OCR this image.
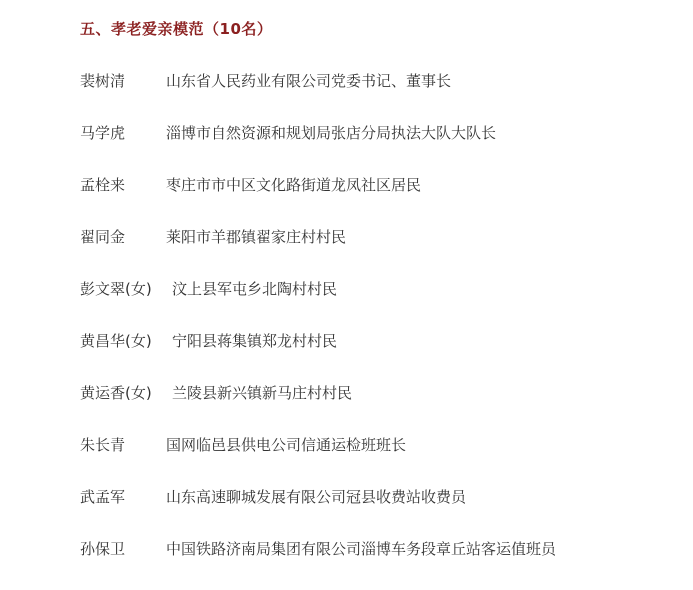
五、孝老爱亲模范（10名）
裴树清	山东省人民药业有限公司党委书记、董事长
马学虎	淄博市自然资源和规划局张店分局执法大队大队长
孟栓来	枣庄市市中区文化路街道龙凤社区居民
翟同金	莱阳市羊郡镇翟家庄村村民
彭文翠(女)	汶上县军屯乡北陶村村民
黄昌华(女)	宁阳县蒋集镇郑龙村村民
黄运香(女)	兰陵县新兴镇新马庄村村民
朱长青	国网临邑县供电公司信通运检班班长
武孟军	山东高速聊城发展有限公司冠县收费站收费员
孙保卫	中国铁路济南局集团有限公司淄博车务段章丘站客运值班员
